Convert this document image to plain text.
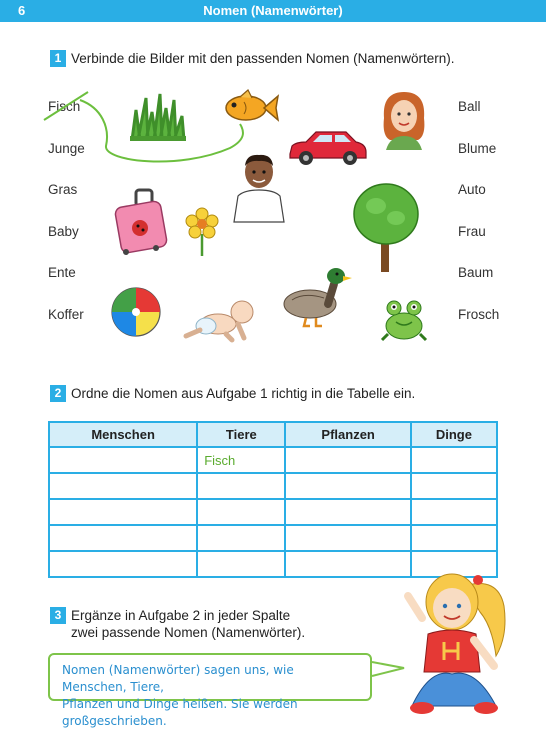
6	Nomen (Namenwörter)
1 Verbinde die Bilder mit den passenden Nomen (Namenwörtern).
Fisch
Junge
Gras
Baby
Ente
Koffer
Ball
Blume
Auto
Frau
Baum
Frosch
2 Ordne die Nomen aus Aufgabe 1 richtig in die Tabelle ein.
Menschen	Tiere	Pflanzen	Dinge
	Fisch		

3 Ergänze in Aufgabe 2 in jeder Spalte
zwei passende Nomen (Namenwörter).
Nomen (Namenwörter) sagen uns, wie Menschen, Tiere,
Pflanzen und Dinge heißen. Sie werden großgeschrieben.
